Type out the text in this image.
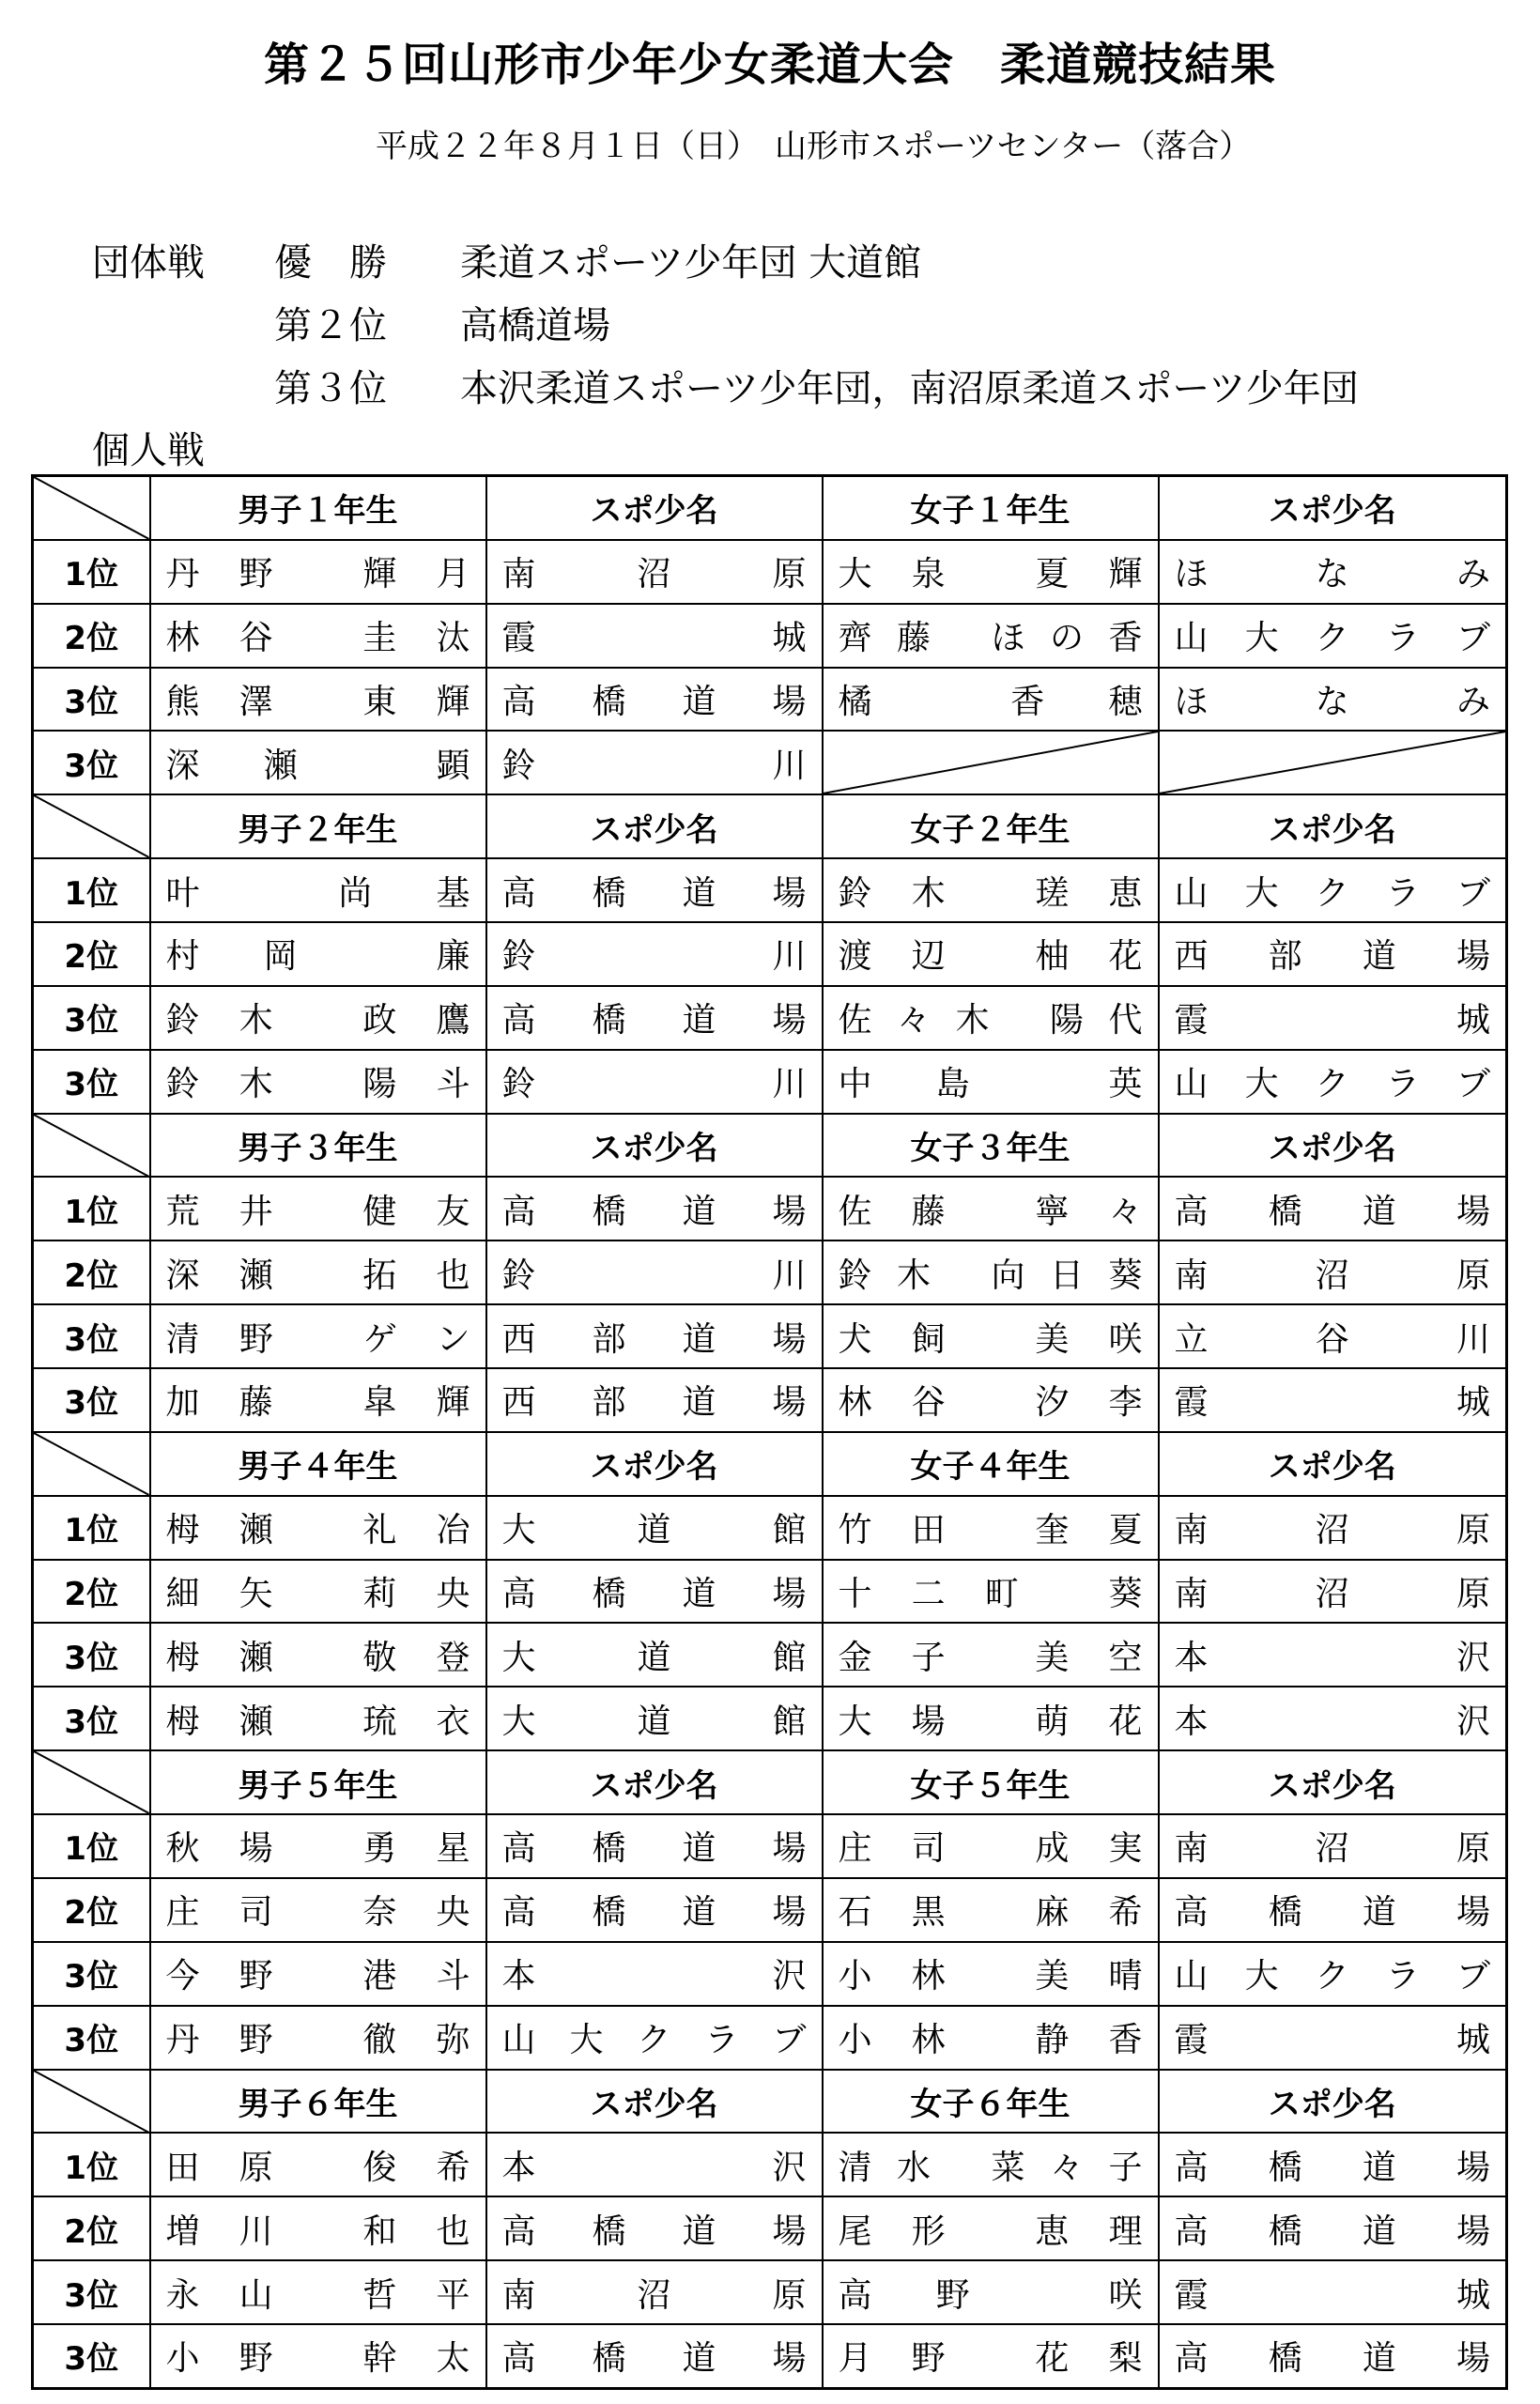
第２５回山形市少年少女柔道大会　柔道競技結果
平成２２年８月１日（日）　山形市スポーツセンター（落合）
団体戦 優　勝 柔道スポーツ少年団 大道館
第２位 高橋道場
第３位 本沢柔道スポーツ少年団，南沼原柔道スポーツ少年団
個人戦
	男子１年生	スポ少名	女子１年生	スポ少名
1位	丹野 輝月	南沼原	大泉 夏輝	ほなみ
2位	林谷 圭汰	霞城	齊藤 ほの香	山大クラブ
3位	熊澤 東輝	高橋道場	橘 香穂	ほなみ
3位	深瀬 顕	鈴川	

	男子２年生	スポ少名	女子２年生	スポ少名
1位	叶 尚基	高橋道場	鈴木 瑳恵	山大クラブ
2位	村岡 廉	鈴川	渡辺 柚花	西部道場
3位	鈴木 政鷹	高橋道場	佐々木 陽代	霞城
3位	鈴木 陽斗	鈴川	中島 英	山大クラブ

	男子３年生	スポ少名	女子３年生	スポ少名
1位	荒井 健友	高橋道場	佐藤 寧々	高橋道場
2位	深瀬 拓也	鈴川	鈴木 向日葵	南沼原
3位	清野 ゲン	西部道場	犬飼 美咲	立谷川
3位	加藤 皐輝	西部道場	林谷 汐李	霞城

	男子４年生	スポ少名	女子４年生	スポ少名
1位	栂瀬 礼冶	大道館	竹田 奎夏	南沼原
2位	細矢 莉央	高橋道場	十二町 葵	南沼原
3位	栂瀬 敬登	大道館	金子 美空	本沢
3位	栂瀬 琉衣	大道館	大場 萌花	本沢

	男子５年生	スポ少名	女子５年生	スポ少名
1位	秋場 勇星	高橋道場	庄司 成実	南沼原
2位	庄司 奈央	高橋道場	石黒 麻希	高橋道場
3位	今野 港斗	本沢	小林 美晴	山大クラブ
3位	丹野 徹弥	山大クラブ	小林 静香	霞城

	男子６年生	スポ少名	女子６年生	スポ少名
1位	田原 俊希	本沢	清水 菜々子	高橋道場
2位	増川 和也	高橋道場	尾形 恵理	高橋道場
3位	永山 哲平	南沼原	高野 咲	霞城
3位	小野 幹太	高橋道場	月野 花梨	高橋道場
